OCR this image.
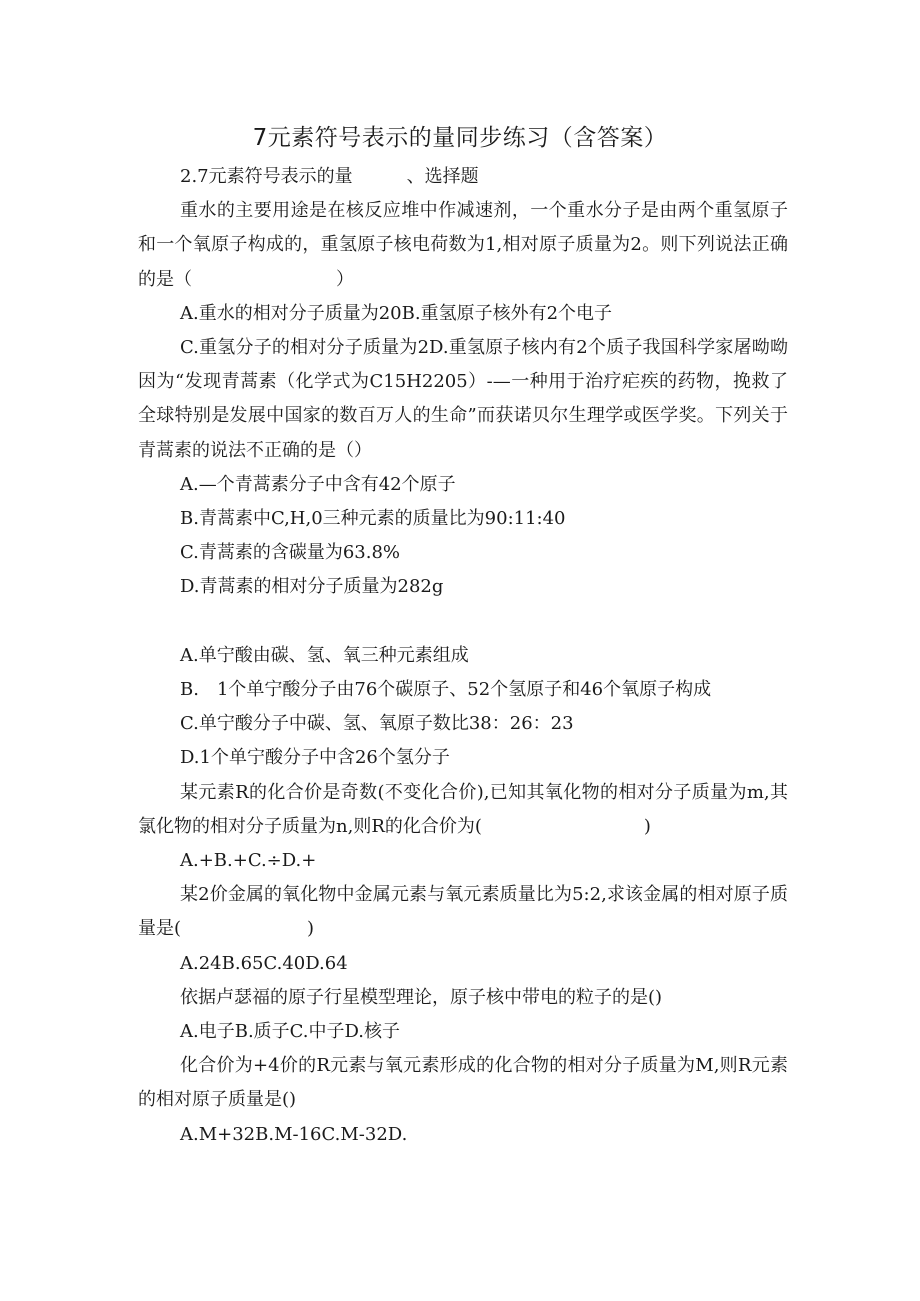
7元素符号表示的量同步练习（含答案）

2.7元素符号表示的量　　　、选择题

重水的主要用途是在核反应堆中作减速剂，一个重水分子是由两个重氢原子和一个氧原子构成的，重氢原子核电荷数为1,相对原子质量为2。则下列说法正确的是（　　　　　　　　）

A.重水的相对分子质量为20B.重氢原子核外有2个电子

C.重氢分子的相对分子质量为2D.重氢原子核内有2个质子我国科学家屠呦呦因为“发现青蒿素（化学式为C15H2205）-—一种用于治疗疟疾的药物，挽救了全球特别是发展中国家的数百万人的生命”而获诺贝尔生理学或医学奖。下列关于青蒿素的说法不正确的是（）

A.—个青蒿素分子中含有42个原子

B.青蒿素中C,H,0三种元素的质量比为90:11:40

C.青蒿素的含碳量为63.8%

D.青蒿素的相对分子质量为282g

A.单宁酸由碳、氢、氧三种元素组成

B.　1个单宁酸分子由76个碳原子、52个氢原子和46个氧原子构成

C.单宁酸分子中碳、氢、氧原子数比38：26：23

D.1个单宁酸分子中含26个氢分子

某元素R的化合价是奇数(不变化合价),已知其氧化物的相对分子质量为m,其氯化物的相对分子质量为n,则R的化合价为(　　　　　　　　　)

A.+B.+C.÷D.+

某2价金属的氧化物中金属元素与氧元素质量比为5:2,求该金属的相对原子质量是(　　　　　　　)

A.24B.65C.40D.64

依据卢瑟福的原子行星模型理论，原子核中带电的粒子的是()

A.电子B.质子C.中子D.核子

化合价为+4价的R元素与氧元素形成的化合物的相对分子质量为M,则R元素的相对原子质量是()

A.M+32B.M-16C.M-32D.
